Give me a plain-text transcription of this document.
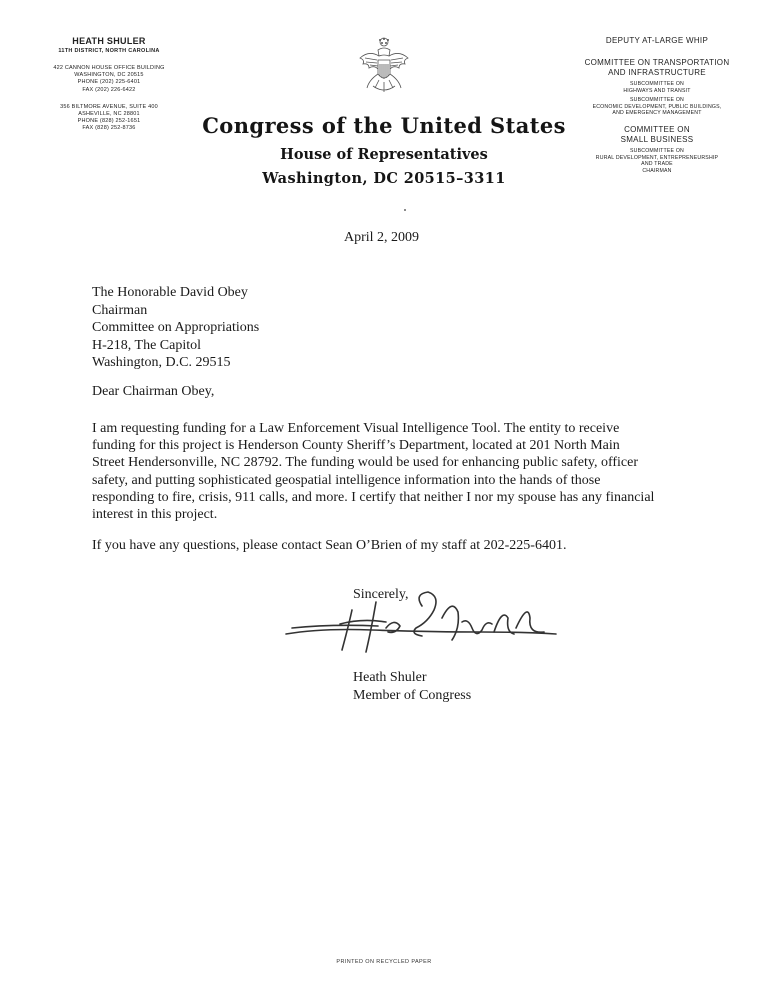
HEATH SHULER
11TH DISTRICT, NORTH CAROLINA
422 CANNON HOUSE OFFICE BUILDING
WASHINGTON, DC 20515
PHONE (202) 225-6401
FAX (202) 226-6422
356 BILTMORE AVENUE, SUITE 400
ASHEVILLE, NC 28801
PHONE (828) 252-1651
FAX (828) 252-8736	Congress of the United States
House of Representatives
Washington, DC 20515–3311
DEPUTY AT-LARGE WHIP
COMMITTEE ON TRANSPORTATION
AND INFRASTRUCTURE
SUBCOMMITTEE ON
HIGHWAYS AND TRANSIT
SUBCOMMITTEE ON
ECONOMIC DEVELOPMENT, PUBLIC BUILDINGS,
AND EMERGENCY MANAGEMENT
COMMITTEE ON
SMALL BUSINESS
SUBCOMMITTEE ON
RURAL DEVELOPMENT, ENTREPRENEURSHIP
AND TRADE
CHAIRMAN
April 2, 2009
The Honorable David Obey
Chairman
Committee on Appropriations
H-218, The Capitol
Washington, D.C. 29515
Dear Chairman Obey,
I am requesting funding for a Law Enforcement Visual Intelligence Tool. The entity to receive
funding for this project is Henderson County Sheriff’s Department, located at 201 North Main
Street Hendersonville, NC 28792. The funding would be used for enhancing public safety, officer
safety, and putting sophisticated geospatial intelligence information into the hands of those
responding to fire, crisis, 911 calls, and more. I certify that neither I nor my spouse has any financial
interest in this project.
If you have any questions, please contact Sean O’Brien of my staff at 202-225-6401.
Sincerely,
Heath Shuler
Member of Congress
PRINTED ON RECYCLED PAPER
